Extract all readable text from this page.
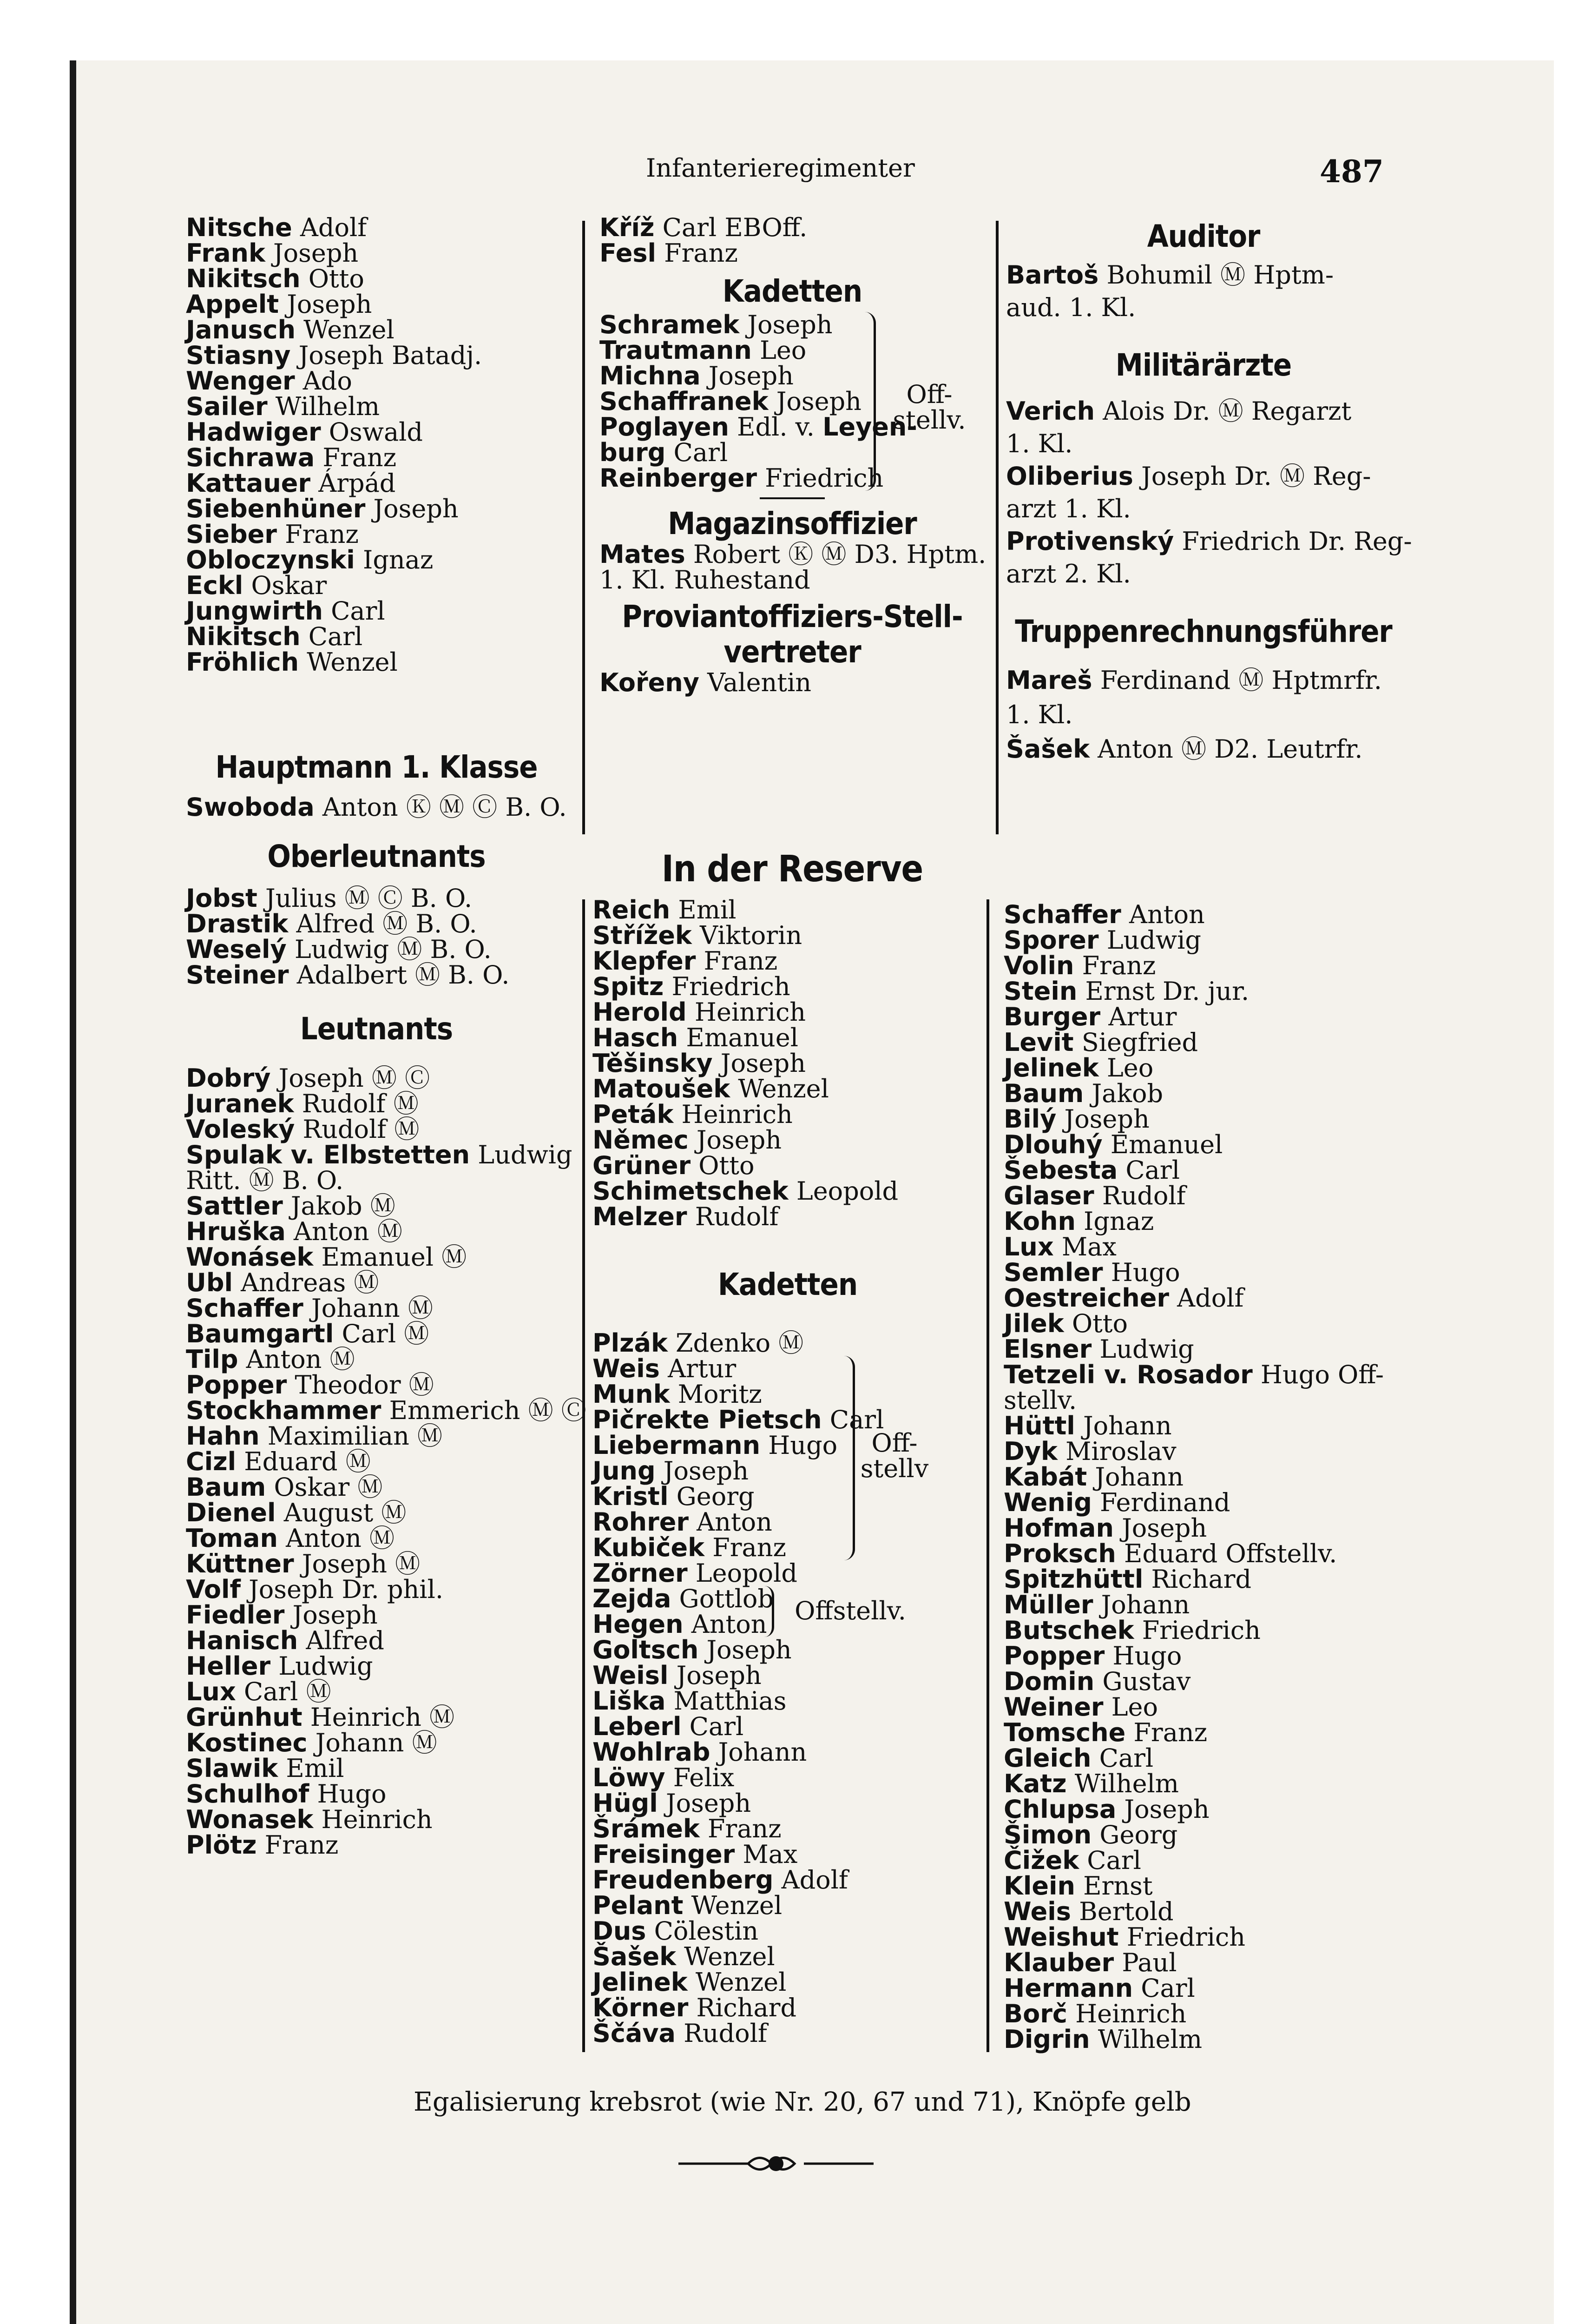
Infanterieregimenter	487
Nitsche Adolf
Frank Joseph
Nikitsch Otto
Appelt Joseph
Janusch Wenzel
Stiasny Joseph Batadj.
Wenger Ado
Sailer Wilhelm
Hadwiger Oswald
Sichrawa Franz
Kattauer Árpád
Siebenhüner Joseph
Sieber Franz
Obloczynski Ignaz
Eckl Oskar
Jungwirth Carl
Nikitsch Carl
Fröhlich Wenzel
Hauptmann 1. Klasse
Swoboda Anton Ⓚ Ⓜ Ⓒ B. O.
Oberleutnants
Jobst Julius Ⓜ Ⓒ B. O.
Drastik Alfred Ⓜ B. O.
Weselý Ludwig Ⓜ B. O.
Steiner Adalbert Ⓜ B. O.
Leutnants
Dobrý Joseph Ⓜ Ⓒ
Juranek Rudolf Ⓜ
Voleský Rudolf Ⓜ
Spulak v. Elbstetten Ludwig
Ritt. Ⓜ B. O.
Sattler Jakob Ⓜ
Hruška Anton Ⓜ
Wonásek Emanuel Ⓜ
Ubl Andreas Ⓜ
Schaffer Johann Ⓜ
Baumgartl Carl Ⓜ
Tilp Anton Ⓜ
Popper Theodor Ⓜ
Stockhammer Emmerich Ⓜ Ⓒ
Hahn Maximilian Ⓜ
Cizl Eduard Ⓜ
Baum Oskar Ⓜ
Dienel August Ⓜ
Toman Anton Ⓜ
Küttner Joseph Ⓜ
Volf Joseph Dr. phil.
Fiedler Joseph
Hanisch Alfred
Heller Ludwig
Lux Carl Ⓜ
Grünhut Heinrich Ⓜ
Kostinec Johann Ⓜ
Slawik Emil
Schulhof Hugo
Wonasek Heinrich
Plötz Franz
Kříž Carl EBOff.
Fesl Franz
Kadetten
Schramek Joseph
Trautmann Leo
Michna Joseph
Schaffranek Joseph
Poglayen Edl. v. Leyen-
burg Carl
Reinberger Friedrich
Off-
stellv.
Magazinsoffizier
Mates Robert Ⓚ Ⓜ D3. Hptm.
1. Kl. Ruhestand
Proviantoffiziers-Stell-
vertreter
Kořeny Valentin
In der Reserve
Reich Emil
Střížek Viktorin
Klepfer Franz
Spitz Friedrich
Herold Heinrich
Hasch Emanuel
Těšinsky Joseph
Matoušek Wenzel
Peták Heinrich
Němec Joseph
Grüner Otto
Schimetschek Leopold
Melzer Rudolf
Kadetten
Plzák Zdenko Ⓜ
Weis Artur
Munk Moritz
Pičrekte Pietsch Carl
Liebermann Hugo
Jung Joseph
Kristl Georg
Rohrer Anton
Kubiček Franz
Off-
stellv
Zörner Leopold
Zejda Gottlob
Hegen Anton	Offstellv.
Goltsch Joseph
Weisl Joseph
Liška Matthias
Leberl Carl
Wohlrab Johann
Löwy Felix
Hügl Joseph
Šrámek Franz
Freisinger Max
Freudenberg Adolf
Pelant Wenzel
Dus Cölestin
Šašek Wenzel
Jelinek Wenzel
Körner Richard
Ščáva Rudolf
Auditor
Bartoš Bohumil Ⓜ Hptm-
aud. 1. Kl.
Militärärzte
Verich Alois Dr. Ⓜ Regarzt
1. Kl.
Oliberius Joseph Dr. Ⓜ Reg-
arzt 1. Kl.
Protivenský Friedrich Dr. Reg-
arzt 2. Kl.
Truppenrechnungsführer
Mareš Ferdinand Ⓜ Hptmrfr.
1. Kl.
Šašek Anton Ⓜ D2. Leutrfr.
Schaffer Anton
Sporer Ludwig
Volin Franz
Stein Ernst Dr. jur.
Burger Artur
Levit Siegfried
Jelinek Leo
Baum Jakob
Bilý Joseph
Dlouhý Emanuel
Šebesta Carl
Glaser Rudolf
Kohn Ignaz
Lux Max
Semler Hugo
Oestreicher Adolf
Jilek Otto
Elsner Ludwig
Tetzeli v. Rosador Hugo Off-
stellv.
Hüttl Johann
Dyk Miroslav
Kabát Johann
Wenig Ferdinand
Hofman Joseph
Proksch Eduard Offstellv.
Spitzhüttl Richard
Müller Johann
Butschek Friedrich
Popper Hugo
Domin Gustav
Weiner Leo
Tomsche Franz
Gleich Carl
Katz Wilhelm
Chlupsa Joseph
Šimon Georg
Čižek Carl
Klein Ernst
Weis Bertold
Weishut Friedrich
Klauber Paul
Hermann Carl
Borč Heinrich
Digrin Wilhelm
Egalisierung krebsrot (wie Nr. 20, 67 und 71), Knöpfe gelb
